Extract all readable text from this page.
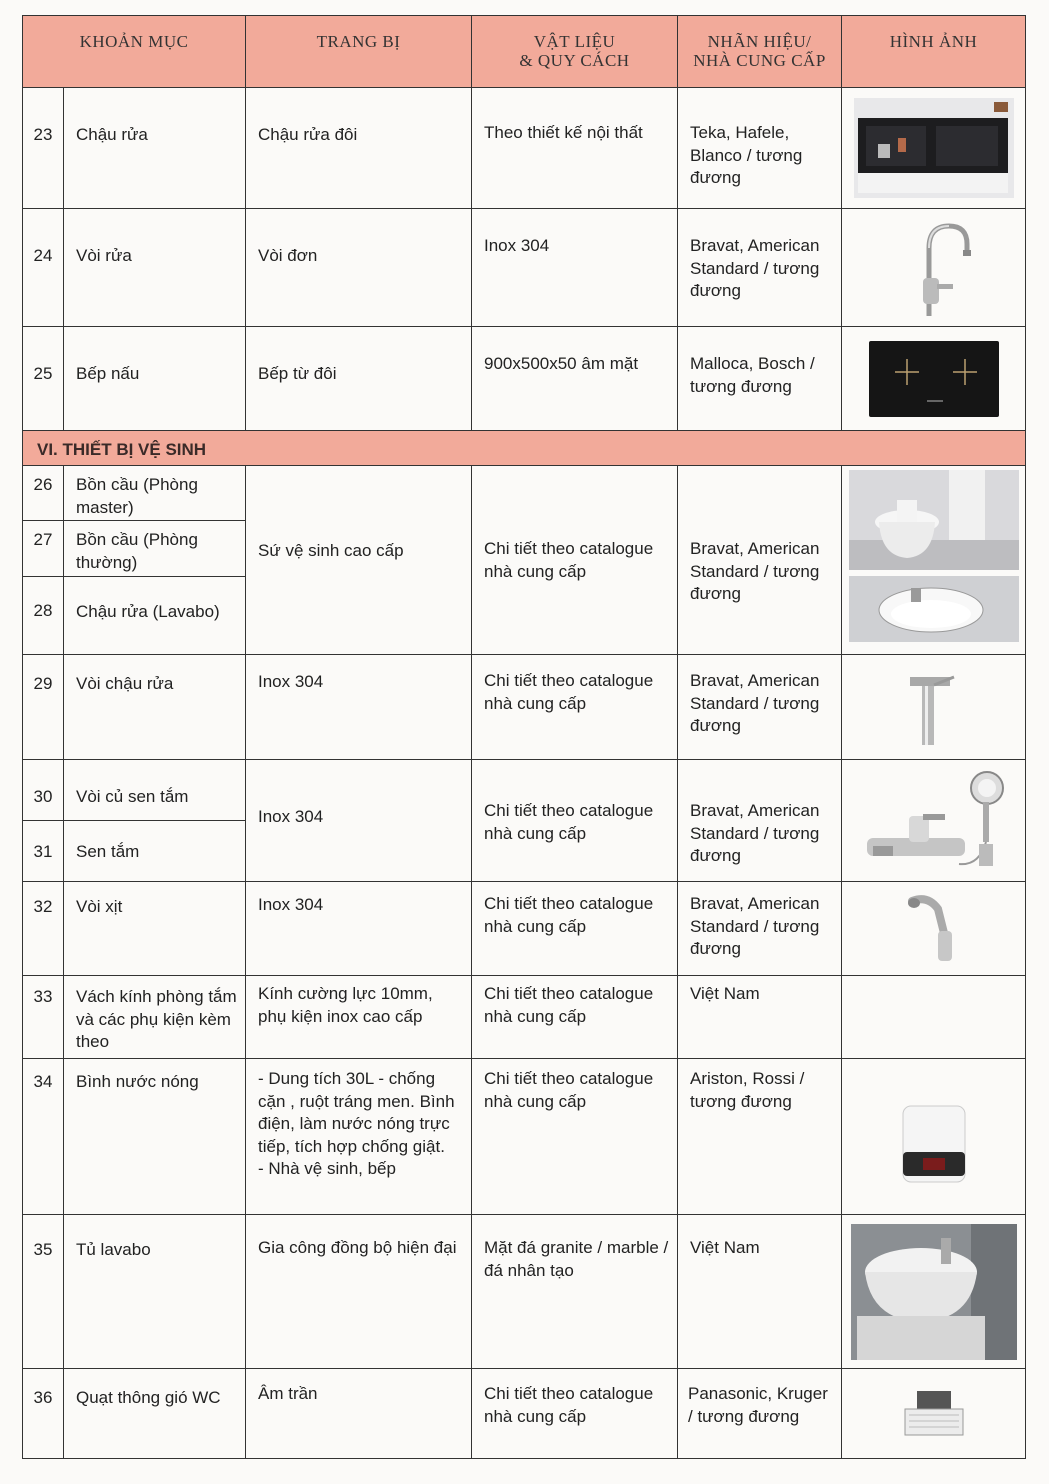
KHOẢN MỤC		TRANG BỊ	VẬT LIỆU
& QUY CÁCH	NHÃN HIỆU/
NHÀ CUNG CẤP	HÌNH ẢNH
23	Chậu rửa	Chậu rửa đôi	Theo thiết kế nội thất	Teka, Hafele, Blanco / tương đương	

24	Vòi rửa	Vòi đơn	Inox 304	Bravat, American Standard / tương đương	

25	Bếp nấu	Bếp từ đôi	900x500x50 âm mặt	Malloca, Bosch / tương đương	

VI. THIẾT BỊ VỆ SINH					
26	Bồn cầu (Phòng master)	Sứ vệ sinh cao cấp	Chi tiết theo catalogue nhà cung cấp	Bravat, American Standard / tương đương	

27	Bồn cầu (Phòng thường)				
28	Chậu rửa (Lavabo)				
29	Vòi chậu rửa	Inox 304	Chi tiết theo catalogue nhà cung cấp	Bravat, American Standard / tương đương	

30	Vòi củ sen tắm	Inox 304	Chi tiết theo catalogue nhà cung cấp	Bravat, American Standard / tương đương	

31	Sen tắm				
32	Vòi xịt	Inox 304	Chi tiết theo catalogue nhà cung cấp	Bravat, American Standard / tương đương	

33	Vách kính phòng tắm và các phụ kiện kèm theo	Kính cường lực 10mm, phụ kiện inox cao cấp	Chi tiết theo catalogue nhà cung cấp	Việt Nam	
34	Bình nước nóng	- Dung tích 30L - chống cặn , ruột tráng men. Bình điện, làm nước nóng trực tiếp, tích hợp chống giật.
- Nhà vệ sinh, bếp	Chi tiết theo catalogue nhà cung cấp	Ariston, Rossi / tương đương	

35	Tủ lavabo	Gia công đồng bộ hiện đại	Mặt đá granite / marble / đá nhân tạo	Việt Nam	

36	Quạt thông gió WC	Âm trần	Chi tiết theo catalogue nhà cung cấp	Panasonic, Kruger / tương đương	
